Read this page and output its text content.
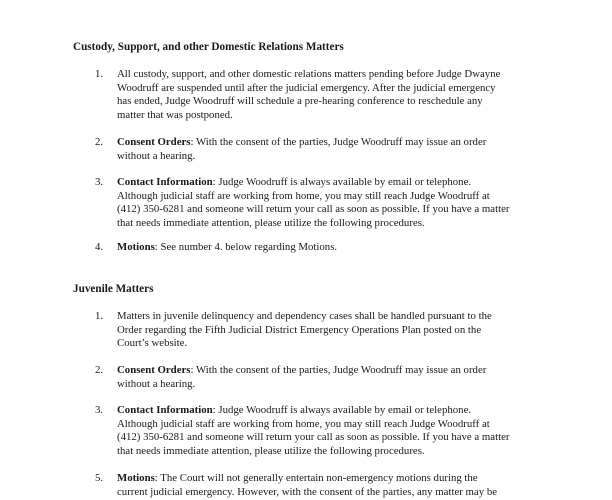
Custody, Support, and other Domestic Relations Matters
1. All custody, support, and other domestic relations matters pending before Judge Dwayne
Woodruff are suspended until after the judicial emergency. After the judicial emergency
has ended, Judge Woodruff will schedule a pre-hearing conference to reschedule any
matter that was postponed.
2. Consent Orders: With the consent of the parties, Judge Woodruff may issue an order
without a hearing.
3. Contact Information: Judge Woodruff is always available by email or telephone.
Although judicial staff are working from home, you may still reach Judge Woodruff at
(412) 350-6281 and someone will return your call as soon as possible. If you have a matter
that needs immediate attention, please utilize the following procedures.
4. Motions: See number 4. below regarding Motions.
Juvenile Matters
1. Matters in juvenile delinquency and dependency cases shall be handled pursuant to the
Order regarding the Fifth Judicial District Emergency Operations Plan posted on the
Court’s website.
2. Consent Orders: With the consent of the parties, Judge Woodruff may issue an order
without a hearing.
3. Contact Information: Judge Woodruff is always available by email or telephone.
Although judicial staff are working from home, you may still reach Judge Woodruff at
(412) 350-6281 and someone will return your call as soon as possible. If you have a matter
that needs immediate attention, please utilize the following procedures.
5. Motions: The Court will not generally entertain non-emergency motions during the
current judicial emergency. However, with the consent of the parties, any matter may be
